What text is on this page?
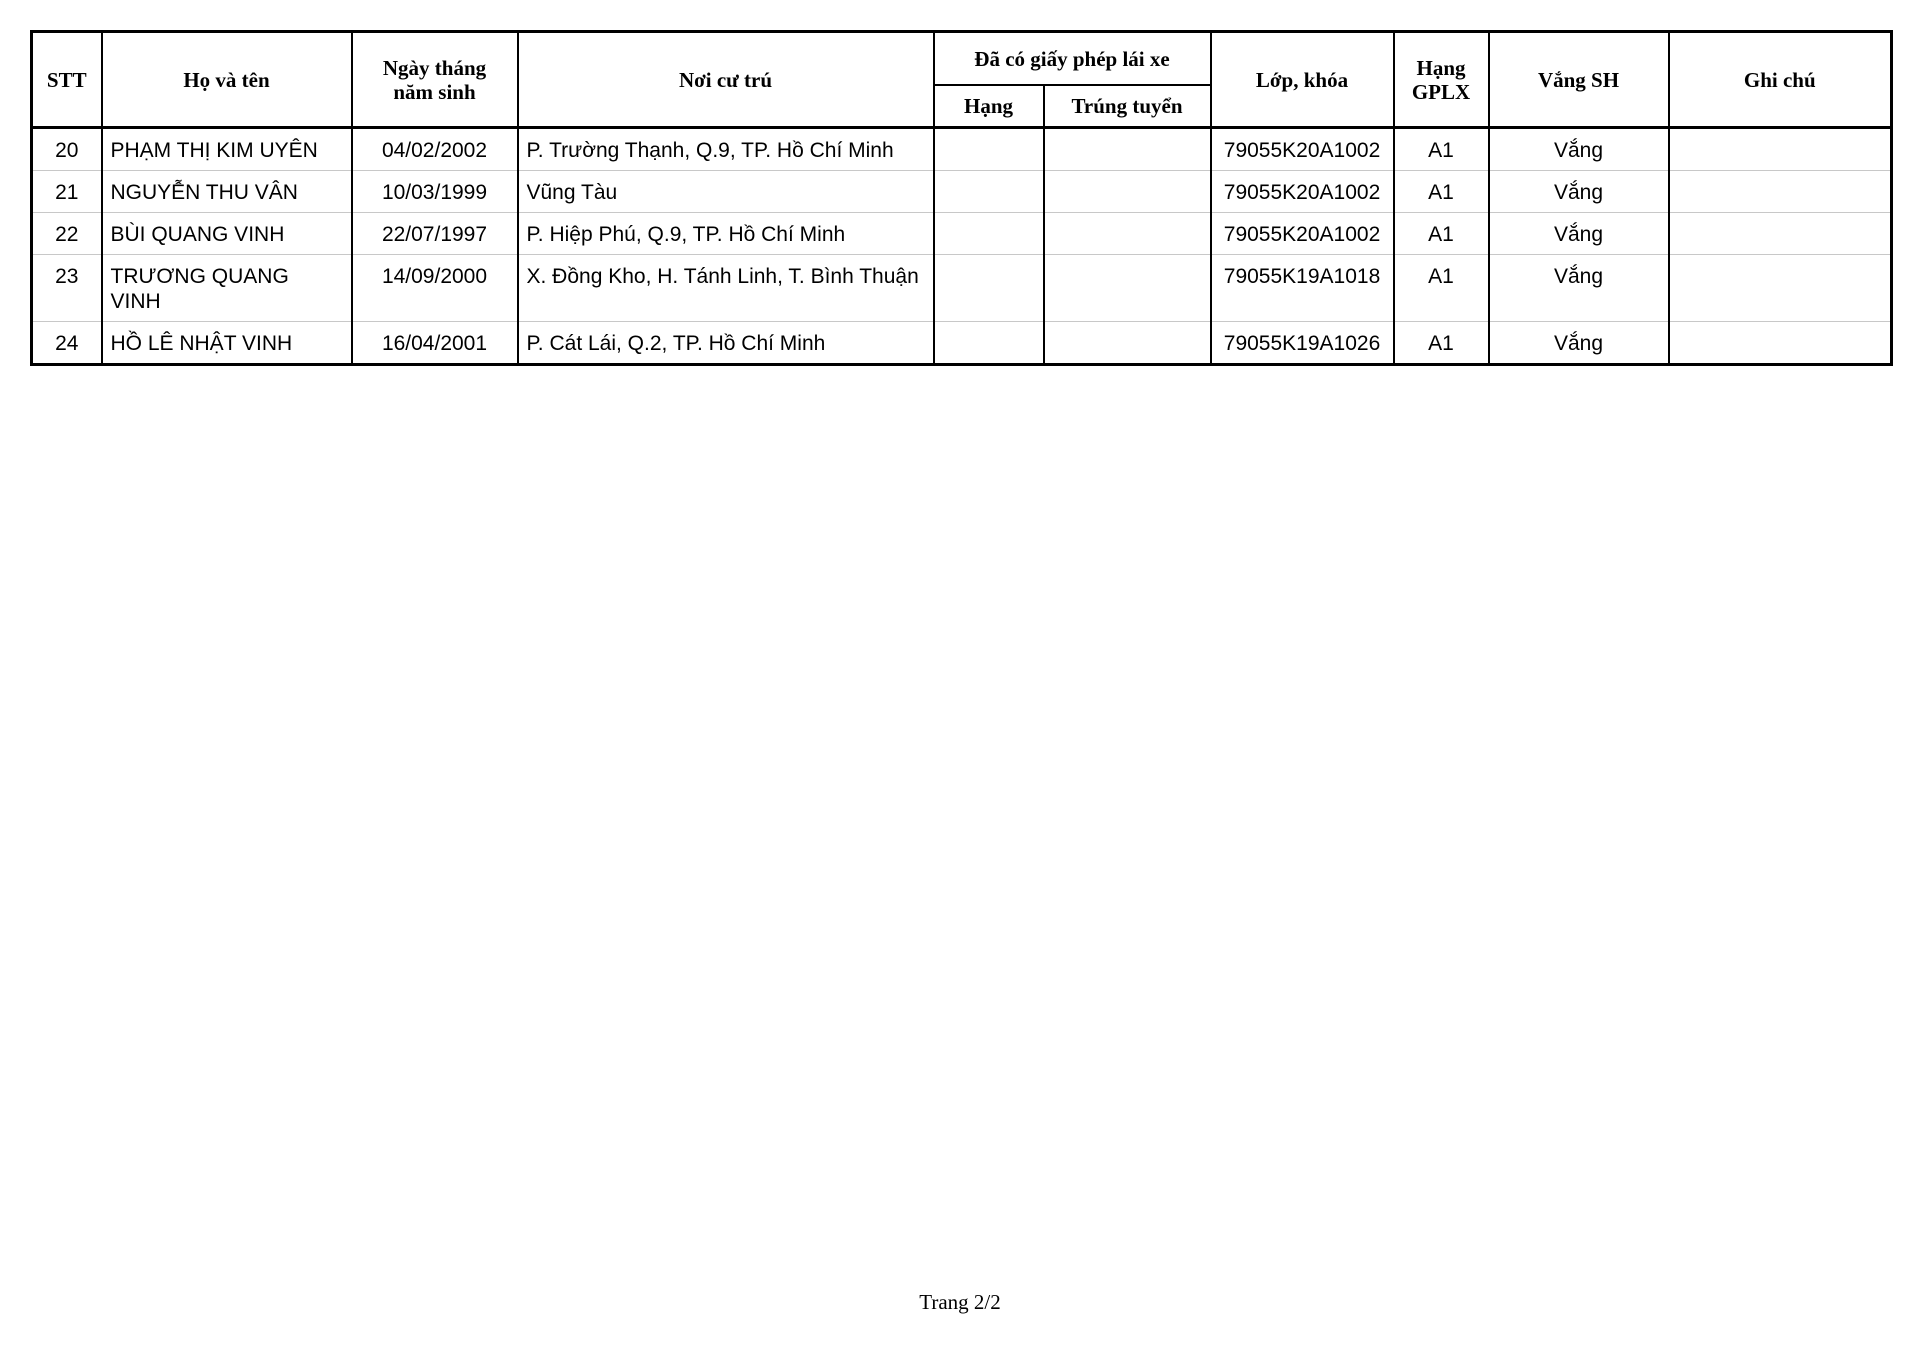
STT	Họ và tên	Ngày tháng năm sinh	Nơi cư trú	Đã có giấy phép lái xe		Lớp, khóa	Hạng GPLX	Vắng SH	Ghi chú
				Hạng	Trúng tuyển				
20	PHẠM THỊ KIM UYÊN	04/02/2002	P. Trường Thạnh, Q.9, TP. Hồ Chí Minh			79055K20A1002	A1	Vắng	
21	NGUYỄN THU VÂN	10/03/1999	Vũng Tàu			79055K20A1002	A1	Vắng	
22	BÙI QUANG VINH	22/07/1997	P. Hiệp Phú, Q.9, TP. Hồ Chí Minh			79055K20A1002	A1	Vắng	
23	TRƯƠNG QUANG VINH	14/09/2000	X. Đồng Kho, H. Tánh Linh, T. Bình Thuận			79055K19A1018	A1	Vắng	
24	HỒ LÊ NHẬT VINH	16/04/2001	P. Cát Lái, Q.2, TP. Hồ Chí Minh			79055K19A1026	A1	Vắng	
Trang 2/2
